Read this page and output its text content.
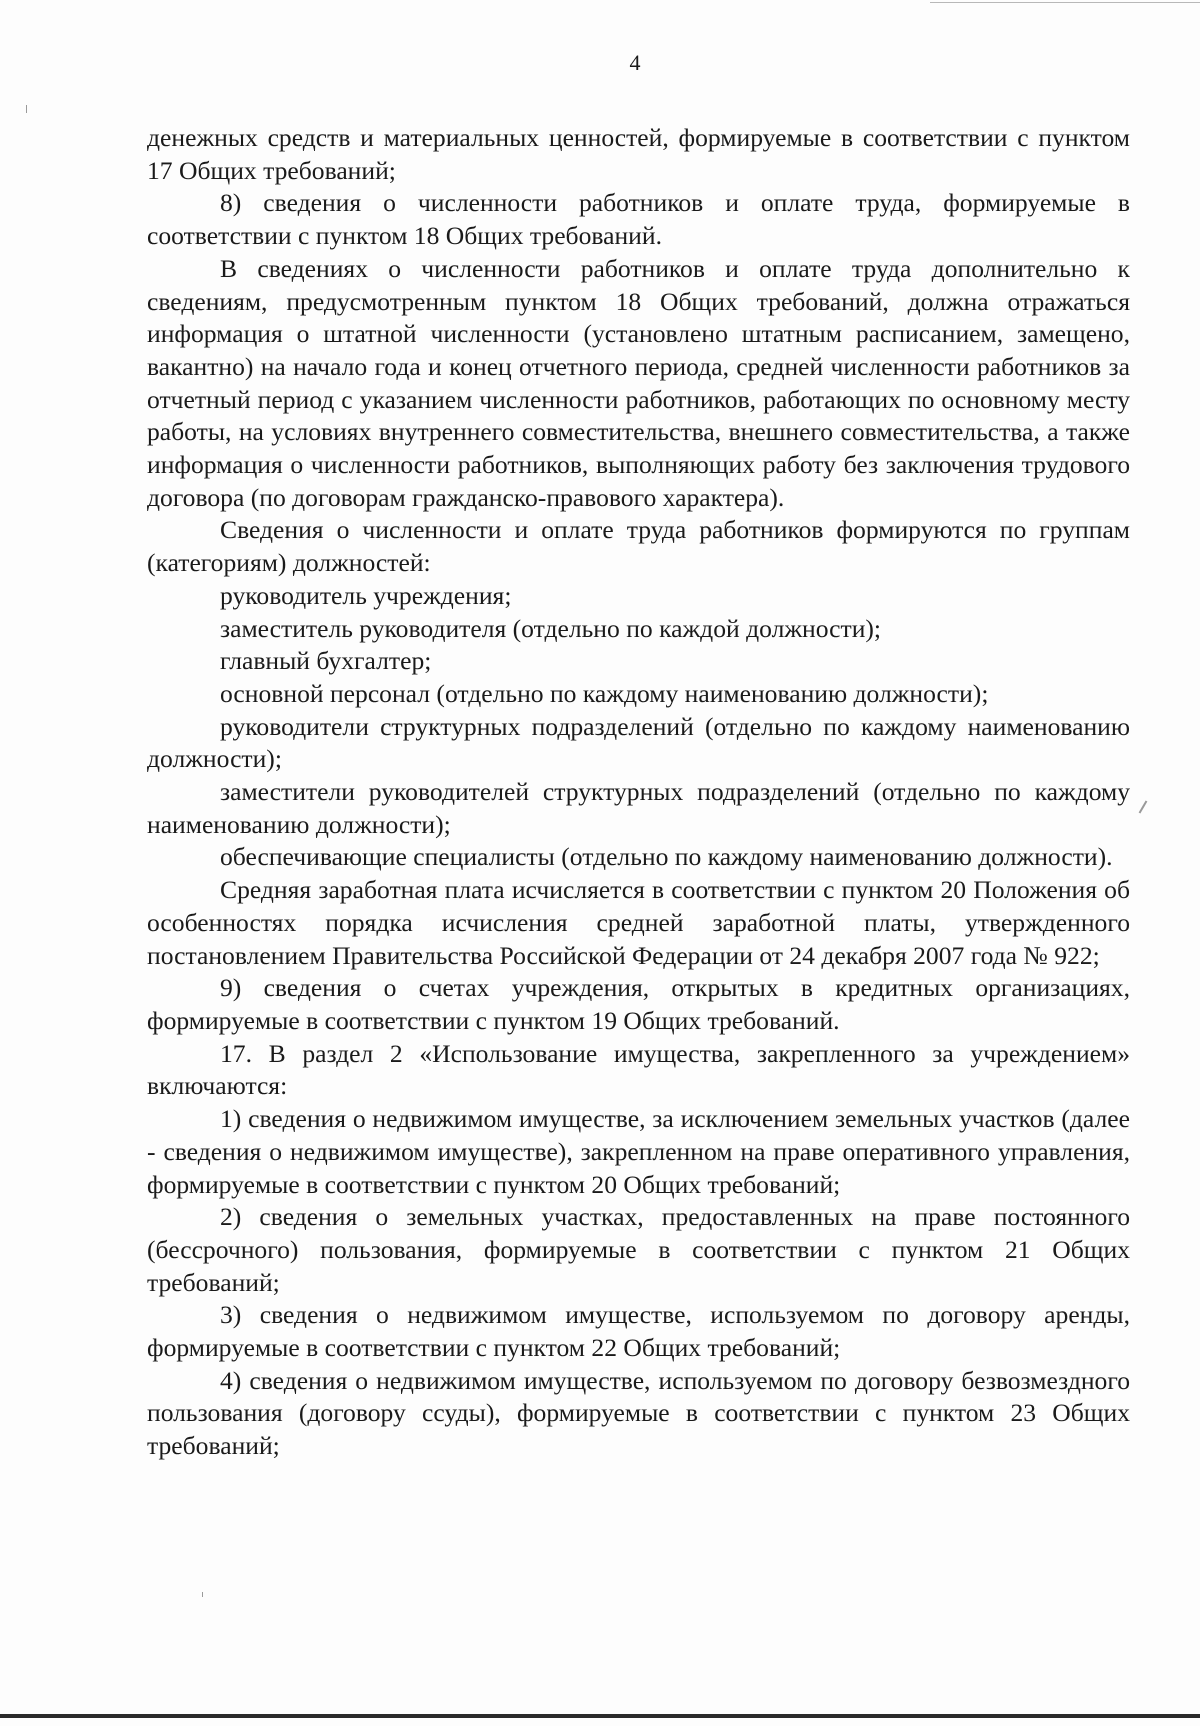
4

денежных средств и материальных ценностей, формируемые в соответствии с пунктом 17 Общих требований;

8) сведения о численности работников и оплате труда, формируемые в соответствии с пунктом 18 Общих требований.

В сведениях о численности работников и оплате труда дополнительно к сведениям, предусмотренным пунктом 18 Общих требований, должна отражаться информация о штатной численности (установлено штатным расписанием, замещено, вакантно) на начало года и конец отчетного периода, средней численности работников за отчетный период с указанием численности работников, работающих по основному месту работы, на условиях внутреннего совместительства, внешнего совместительства, а также информация о численности работников, выполняющих работу без заключения трудового договора (по договорам гражданско-правового характера).

Сведения о численности и оплате труда работников формируются по группам (категориям) должностей:

руководитель учреждения;

заместитель руководителя (отдельно по каждой должности);

главный бухгалтер;

основной персонал (отдельно по каждому наименованию должности);

руководители структурных подразделений (отдельно по каждому наименованию должности);

заместители руководителей структурных подразделений (отдельно по каждому наименованию должности);

обеспечивающие специалисты (отдельно по каждому наименованию должности).

Средняя заработная плата исчисляется в соответствии с пунктом 20 Положения об особенностях порядка исчисления средней заработной платы, утвержденного постановлением Правительства Российской Федерации от 24 декабря 2007 года № 922;

9) сведения о счетах учреждения, открытых в кредитных организациях, формируемые в соответствии с пунктом 19 Общих требований.

17. В раздел 2 «Использование имущества, закрепленного за учреждением» включаются:

1) сведения о недвижимом имуществе, за исключением земельных участков (далее - сведения о недвижимом имуществе), закрепленном на праве оперативного управления, формируемые в соответствии с пунктом 20 Общих требований;

2) сведения о земельных участках, предоставленных на праве постоянного (бессрочного) пользования, формируемые в соответствии с пунктом 21 Общих требований;

3) сведения о недвижимом имуществе, используемом по договору аренды, формируемые в соответствии с пунктом 22 Общих требований;

4) сведения о недвижимом имуществе, используемом по договору безвозмездного пользования (договору ссуды), формируемые в соответствии с пунктом 23 Общих требований;
